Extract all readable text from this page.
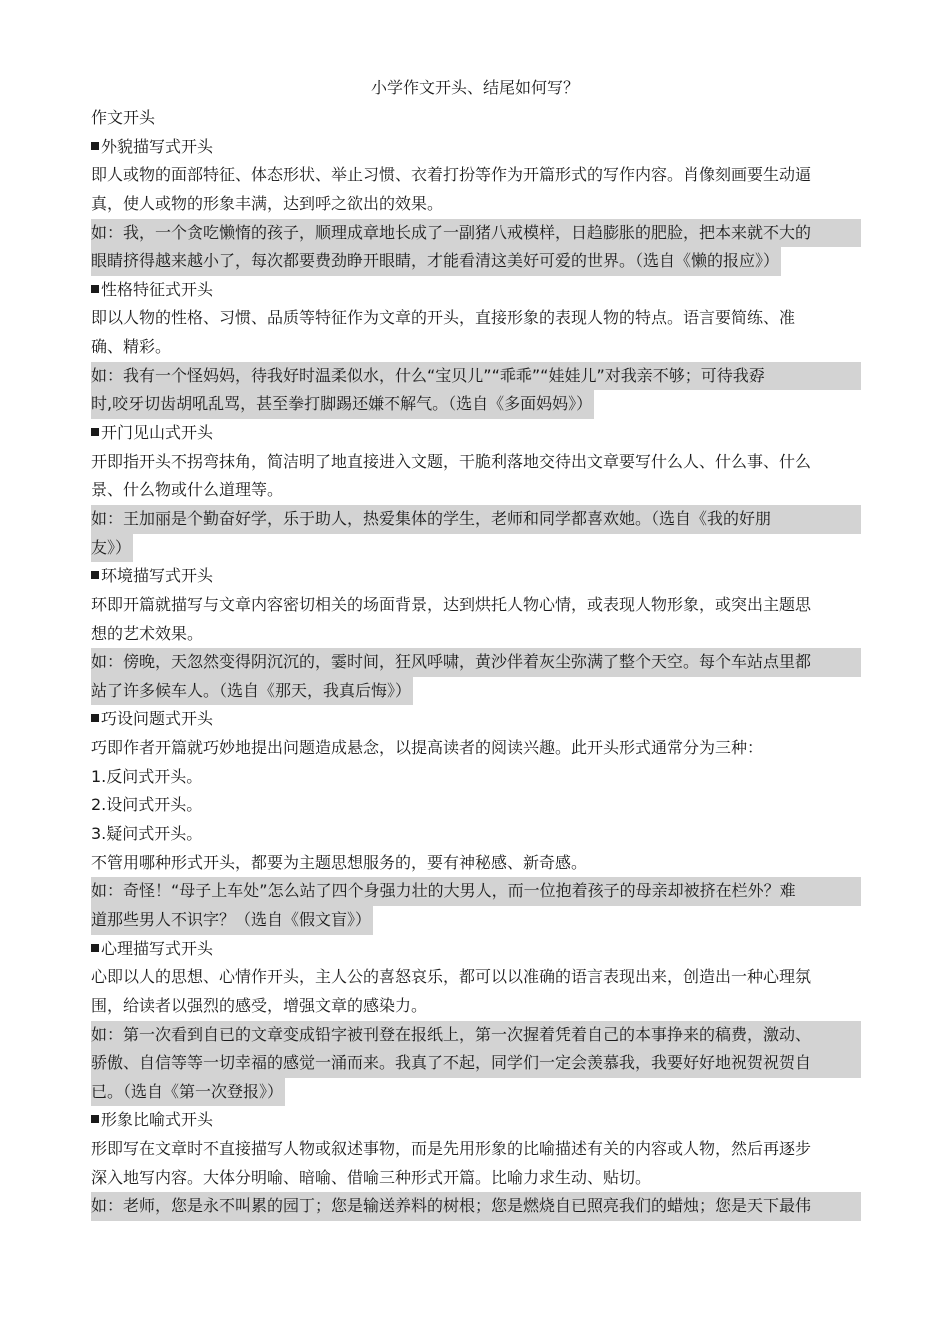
小学作文开头、结尾如何写？
作文开头
外貌描写式开头
即人或物的面部特征、体态形状、举止习惯、衣着打扮等作为开篇形式的写作内容。肖像刻画要生动逼
真，使人或物的形象丰满，达到呼之欲出的效果。
如：我，一个贪吃懒惰的孩子，顺理成章地长成了一副猪八戒模样，日趋膨胀的肥脸，把本来就不大的
眼睛挤得越来越小了，每次都要费劲睁开眼睛，才能看清这美好可爱的世界。（选自《懒的报应》）
性格特征式开头
即以人物的性格、习惯、品质等特征作为文章的开头，直接形象的表现人物的特点。语言要简练、准
确、精彩。
如：我有一个怪妈妈，待我好时温柔似水，什么“宝贝儿”“乖乖”“娃娃儿”对我亲不够；可待我孬
时,咬牙切齿胡吼乱骂，甚至拳打脚踢还嫌不解气。（选自《多面妈妈》）
开门见山式开头
开即指开头不拐弯抹角，简洁明了地直接进入文题，干脆利落地交待出文章要写什么人、什么事、什么
景、什么物或什么道理等。
如：王加丽是个勤奋好学，乐于助人，热爱集体的学生，老师和同学都喜欢她。（选自《我的好朋
友》）
环境描写式开头
环即开篇就描写与文章内容密切相关的场面背景，达到烘托人物心情，或表现人物形象，或突出主题思
想的艺术效果。
如：傍晚，天忽然变得阴沉沉的，霎时间，狂风呼啸，黄沙伴着灰尘弥满了整个天空。每个车站点里都
站了许多候车人。（选自《那天，我真后悔》）
巧设问题式开头
巧即作者开篇就巧妙地提出问题造成悬念，以提高读者的阅读兴趣。此开头形式通常分为三种：
1.反问式开头。
2.设问式开头。
3.疑问式开头。
不管用哪种形式开头，都要为主题思想服务的，要有神秘感、新奇感。
如：奇怪！“母子上车处”怎么站了四个身强力壮的大男人，而一位抱着孩子的母亲却被挤在栏外？难
道那些男人不识字？（选自《假文盲》）
心理描写式开头
心即以人的思想、心情作开头，主人公的喜怒哀乐，都可以以准确的语言表现出来，创造出一种心理氛
围，给读者以强烈的感受，增强文章的感染力。
如：第一次看到自已的文章变成铅字被刊登在报纸上，第一次握着凭着自己的本事挣来的稿费，激动、
骄傲、自信等等一切幸福的感觉一涌而来。我真了不起，同学们一定会羡慕我，我要好好地祝贺祝贺自
已。（选自《第一次登报》）
形象比喻式开头
形即写在文章时不直接描写人物或叙述事物，而是先用形象的比喻描述有关的内容或人物，然后再逐步
深入地写内容。大体分明喻、暗喻、借喻三种形式开篇。比喻力求生动、贴切。
如：老师，您是永不叫累的园丁；您是输送养料的树根；您是燃烧自已照亮我们的蜡烛；您是天下最伟
